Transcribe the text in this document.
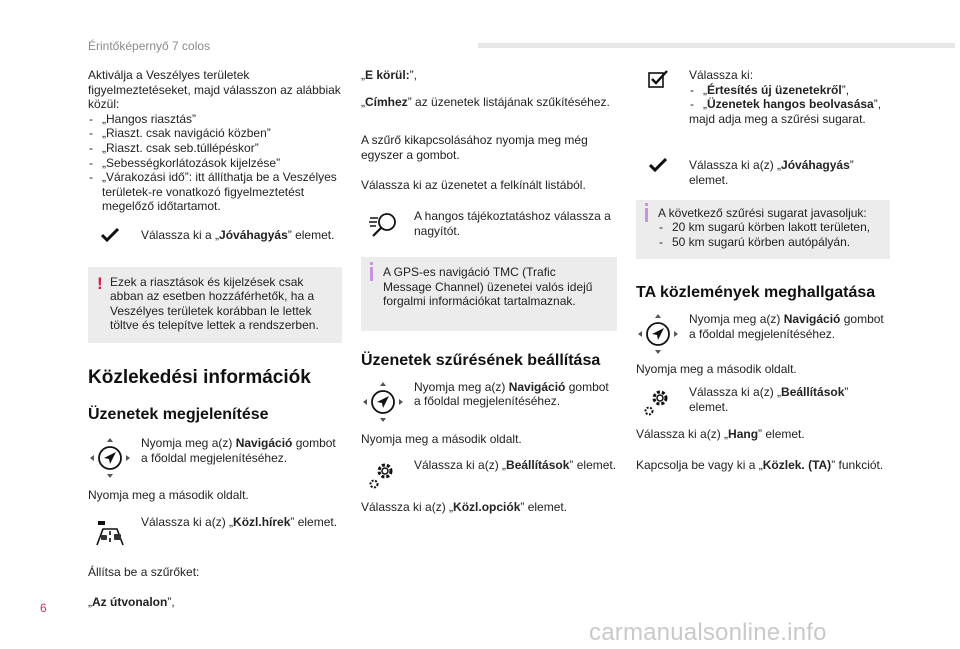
Érintőképernyő 7 colos

Aktiválja a Veszélyes területek figyelmeztetéseket, majd válasszon az alábbiak közül:

- „Hangos riasztás”
- „Riaszt. csak navigáció közben”
- „Riaszt. csak seb.túllépéskor”
- „Sebességkorlátozások kijelzése”
- „Várakozási idő”: itt állíthatja be a Veszélyes területek-re vonatkozó figyelmeztetést megelőző időtartamot.
Válassza ki a „Jóváhagyás” elemet.
! Ezek a riasztások és kijelzések csak abban az esetben hozzáférhetők, ha a Veszélyes területek korábban le lettek töltve és telepítve lettek a rendszerben.

Közlekedési információk
Üzenetek megjelenítése
Nyomja meg a(z) Navigáció gombot a főoldal megjelenítéséhez.

Nyomja meg a második oldalt.

Válassza ki a(z) „Közl.hírek” elemet.

Állítsa be a szűrőket:

„Az útvonalon”,

„E körül:”,

„Címhez” az üzenetek listájának szűkítéséhez.

A szűrő kikapcsolásához nyomja meg még egyszer a gombot.

Válassza ki az üzenetet a felkínált listából.

A hangos tájékoztatáshoz válassza a nagyítót.

A GPS-es navigáció TMC (Trafic Message Channel) üzenetei valós idejű forgalmi információkat tartalmaznak.

Üzenetek szűrésének beállítása
Nyomja meg a(z) Navigáció gombot a főoldal megjelenítéséhez.

Nyomja meg a második oldalt.

Válassza ki a(z) „Beállítások” elemet.

Válassza ki a(z) „Közl.opciók” elemet.

Válassza ki:

- „Értesítés új üzenetekről”,
- „Üzenetek hangos beolvasása”,

majd adja meg a szűrési sugarat.

Válassza ki a(z) „Jóváhagyás” elemet.

A következő szűrési sugarat javasoljuk:

- 20 km sugarú körben lakott területen,
- 50 km sugarú körben autópályán.
TA közlemények meghallgatása
Nyomja meg a(z) Navigáció gombot a főoldal megjelenítéséhez.

Nyomja meg a második oldalt.

Válassza ki a(z) „Beállítások” elemet.

Válassza ki a(z) „Hang” elemet.

Kapcsolja be vagy ki a „Közlek. (TA)” funkciót.

6
carmanualsonline.info
